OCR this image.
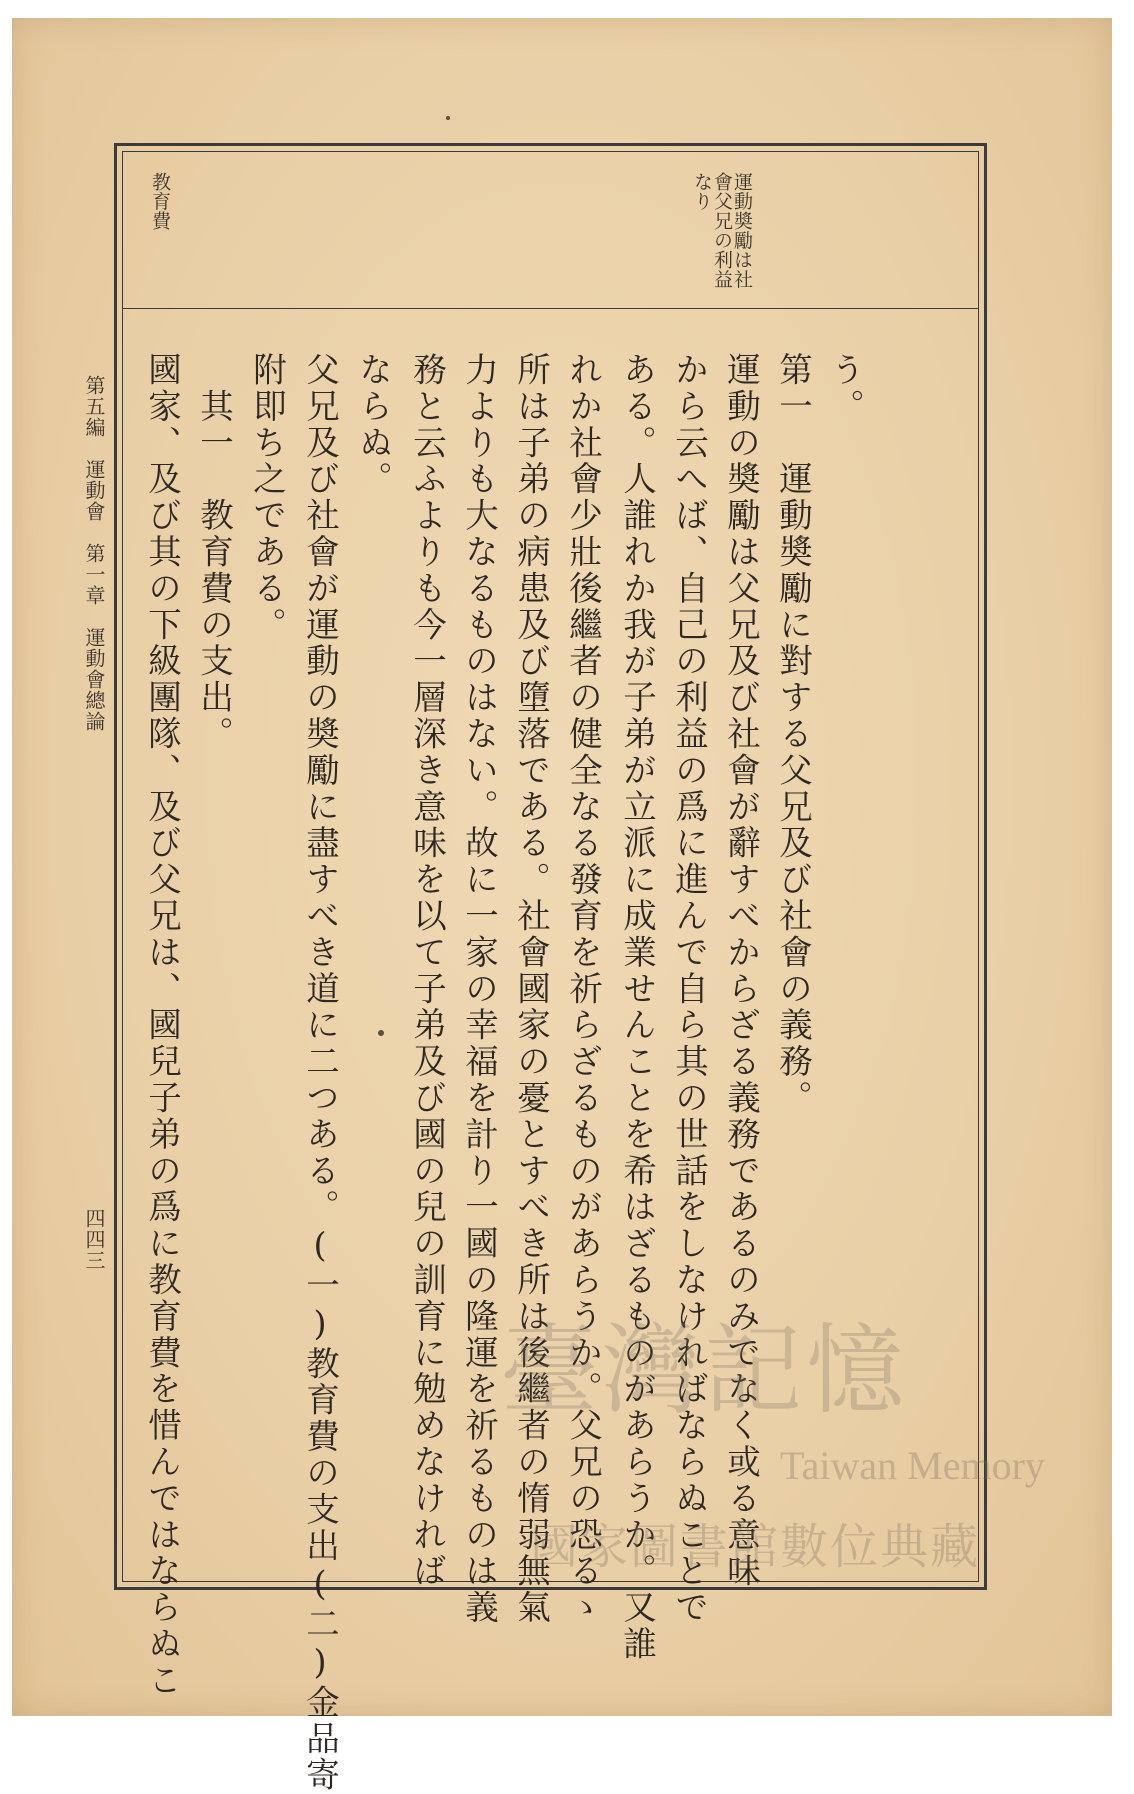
運動奬勵は社
會父兄の利益
なり
教育費
う。
第一　運動奬勵に對する父兄及び社會の義務。
運動の奬勵は父兄及び社會が辭すべからざる義務であるのみでなく或る意味
から云へば、自己の利益の爲に進んで自ら其の世話をしなければならぬことで
ある。人誰れか我が子弟が立派に成業せんことを希はざるものがあらうか。又誰
れか社會少壯後繼者の健全なる發育を祈らざるものがあらうか。父兄の恐るゝ
所は子弟の病患及び墮落である。社會國家の憂とすべき所は後繼者の惰弱無氣
力よりも大なるものはない。故に一家の幸福を計り一國の隆運を祈るものは義
務と云ふよりも今一層深き意味を以て子弟及び國の兒の訓育に勉めなければ
ならぬ。
父兄及び社會が運動の奬勵に盡すべき道に二つある。(一)教育費の支出(二)金品寄
附即ち之である。
　其一　教育費の支出。
國家、及び其の下級團隊、及び父兄は、國兒子弟の爲に教育費を惜んではならぬこ
第五編　運動會　第一章　運動會總論
四四三
臺灣記憶
Taiwan Memory
國家圖書館數位典藏
